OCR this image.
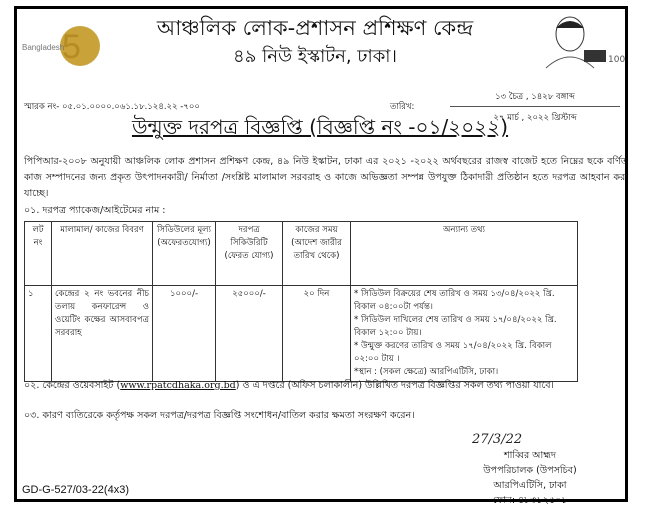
Bangladesh
5	100
আঞ্চলিক লোক-প্রশাসন প্রশিক্ষণ কেন্দ্র
৪৯ নিউ ইস্কাটন, ঢাকা।
স্মারক নং- ০৫.০১.০০০০.০৬১.১৮.১২৪.২২ -৭০০	তারিখ:
১৩ চৈত্র , ১৪২৮ বঙ্গাব্দ
২৭ মার্চ , ২০২২ খ্রিস্টাব্দ
উন্মুক্ত দরপত্র বিজ্ঞপ্তি (বিজ্ঞপ্তি নং -০১/২০২২)
পিপিআর-২০০৮ অনুযায়ী আঞ্চলিক লোক প্রশাসন প্রশিক্ষণ কেন্দ্র, ৪৯ নিউ ইস্কাটন, ঢাকা এর ২০২১ -২০২২ অর্থবছরের রাজস্ব বাজেট হতে নিম্নের ছকে বর্ণিত কাজ সম্পাদনের জন্য প্রকৃত উৎপাদনকারী/ নির্মাতা /সংশ্লিষ্ট মালামাল সরবরাহ ও কাজে অভিজ্ঞতা সম্পন্ন উপযুক্ত ঠিকাদারী প্রতিষ্ঠান হতে দরপত্র আহবান করা যাচ্ছে।
০১. দরপত্র প্যাকেজ/আইটেমের নাম :
লট নং	মালামাল/ কাজের বিবরণ	সিডিউলের মূল্য (অফেরতযোগ্য)	দরপত্র সিকিউরিটি (ফেরত যোগ্য)	কাজের সময় (আদেশ জারীর তারিখ থেকে)	অন্যান্য তথ্য
১	কেন্দ্রের ২ নং ভবনের নীচ তলায় কনফারেন্স ও ওয়েটিং কক্ষের আসবাবপত্র সরবরাহ	১০০০/-	২৫০০০/-	২০ দিন	* সিডিউল বিক্রয়ের শেষ তারিখ ও সময় ১৩/০৪/২০২২ খ্রি. বিকাল ০৪:০০টা পর্যন্ত।
* সিডিউল দাখিলের শেষ তারিখ ও সময় ১৭/০৪/২০২২ খ্রি. বিকাল ১২:০০ টায়।
* উন্মুক্ত করণের তারিখ ও সময় ১৭/০৪/২০২২ খ্রি. বিকাল ০২:০০ টায় ।
*স্থান : (সকল ক্ষেত্রে) আরপিএটিসি, ঢাকা।
০২. কেন্দ্রের ওয়েবসাইট (www.rpatcdhaka.org.bd) ও এ দপ্তরে (অফিস চলাকালীন) উল্লিখিত দরপত্র বিজ্ঞপ্তির সকল তথ্য পাওয়া যাবে।
০৩. কারণ ব্যতিরেকে কর্তৃপক্ষ সকল দরপত্র/দরপত্র বিজ্ঞপ্তি সংশোধন/বাতিল করার ক্ষমতা সংরক্ষণ করেন।
27/3/22
শাব্বির আহ্মদ
উপপরিচালক (উপসচিব)
আরপিএটিসি, ঢাকা
ফোন: ৪৮৩১২৫০১
GD-G-527/03-22(4x3)
